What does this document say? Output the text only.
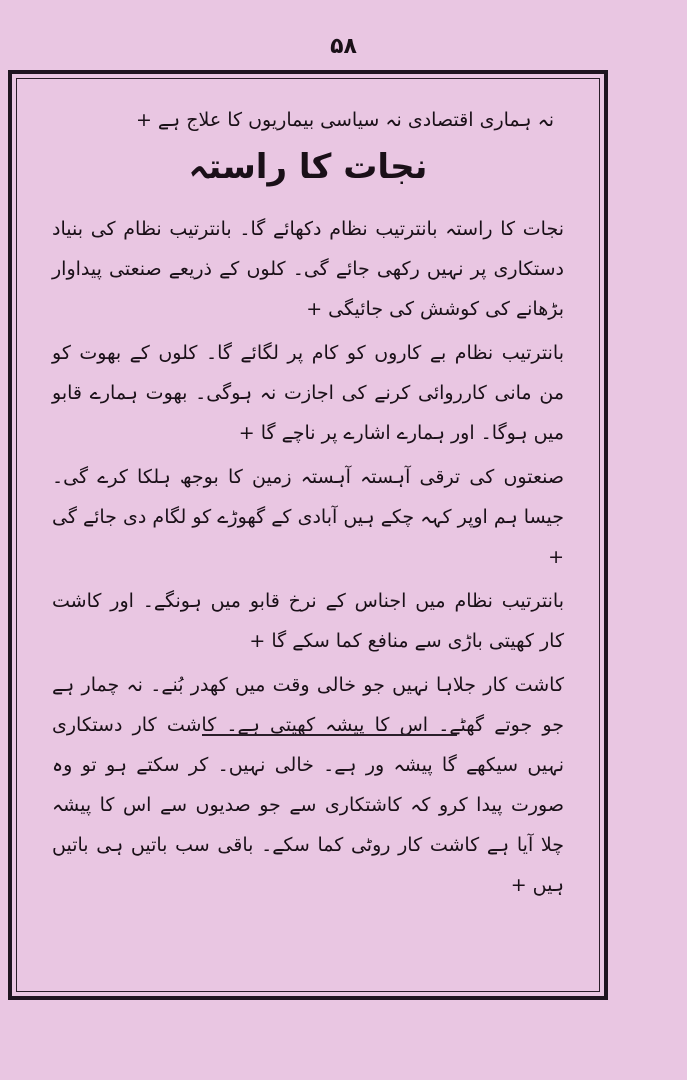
۵۸
نہ ہماری اقتصادی نہ سیاسی بیماریوں کا علاج ہے +
نجات کا راستہ

نجات کا راستہ بانترتیب نظام دکھائے گا۔ بانترتیب نظام کی بنیاد دستکاری پر نہیں رکھی جائے گی۔ کلوں کے ذریعے صنعتی پیداوار بڑھانے کی کوشش کی جائیگی +

بانترتیب نظام بے کاروں کو کام پر لگائے گا۔ کلوں کے بھوت کو من مانی کارروائی کرنے کی اجازت نہ ہوگی۔ بھوت ہمارے قابو میں ہوگا۔ اور ہمارے اشارے پر ناچے گا +

صنعتوں کی ترقی آہستہ آہستہ زمین کا بوجھ ہلکا کرے گی۔ جیسا ہم اوپر کہہ چکے ہیں آبادی کے گھوڑے کو لگام دی جائے گی +

بانترتیب نظام میں اجناس کے نرخ قابو میں ہونگے۔ اور کاشت کار کھیتی باڑی سے منافع کما سکے گا +

کاشت کار جلاہا نہیں جو خالی وقت میں کھدر بُنے۔ نہ چمار ہے جو جوتے گھٹے۔ اس کا پیشہ کھیتی ہے۔ کاشت کار دستکاری نہیں سیکھے گا پیشہ ور ہے۔ خالی نہیں۔ کر سکتے ہو تو وہ صورت پیدا کرو کہ کاشتکاری سے جو صدیوں سے اس کا پیشہ چلا آیا ہے کاشت کار روٹی کما سکے۔ باقی سب باتیں ہی باتیں ہیں +
